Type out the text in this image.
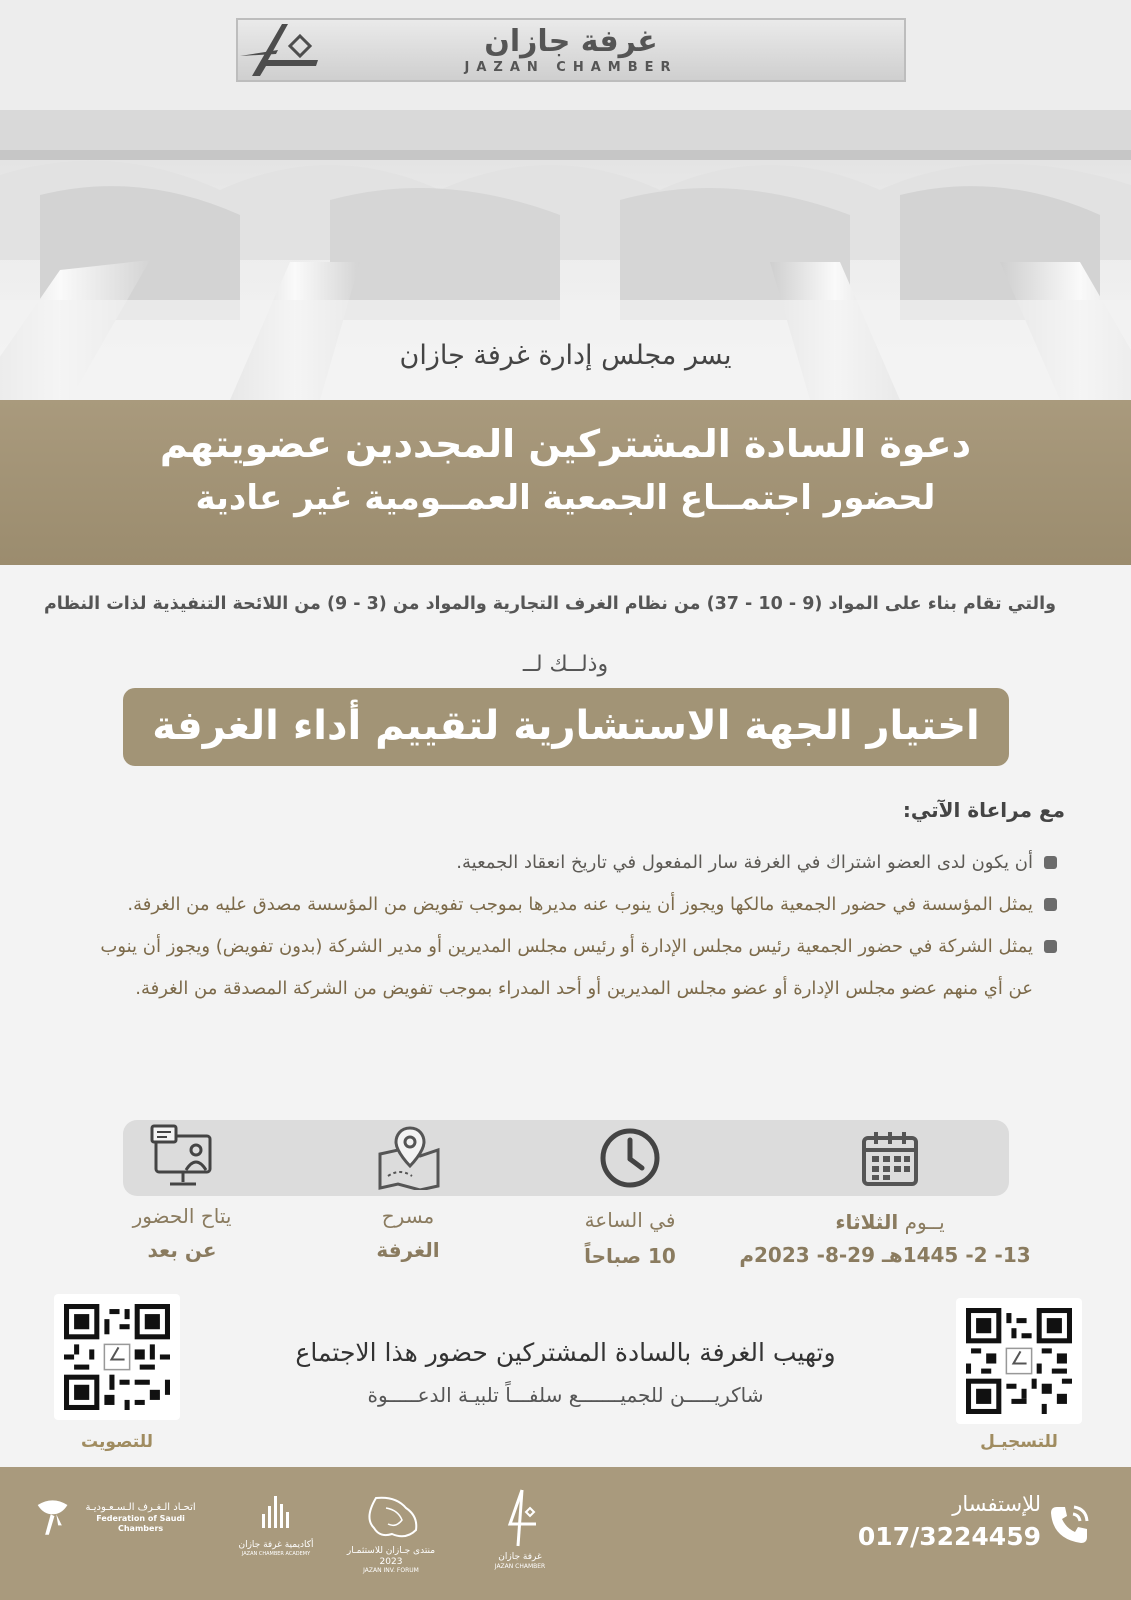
غرفة جازان
JAZAN CHAMBER
يسر مجلس إدارة غرفة جازان
دعوة السادة المشتركين المجددين عضويتهم
لحضور اجتمــاع الجمعية العمــومية غير عادية
والتي تقام بناء على المواد (9 - 10 - 37) من نظام الغرف التجارية والمواد من (3 - 9) من اللائحة التنفيذية لذات النظام
وذلــك لــ
اختيار الجهة الاستشارية لتقييم أداء الغرفة
مع مراعاة الآتي:
أن يكون لدى العضو اشتراك في الغرفة سار المفعول في تاريخ انعقاد الجمعية.
يمثل المؤسسة في حضور الجمعية مالكها ويجوز أن ينوب عنه مديرها بموجب تفويض من المؤسسة مصدق عليه من الغرفة.
يمثل الشركة في حضور الجمعية رئيس مجلس الإدارة أو رئيس مجلس المديرين أو مدير الشركة (بدون تفويض) ويجوز أن ينوب عن أي منهم عضو مجلس الإدارة أو عضو مجلس المديرين أو أحد المدراء بموجب تفويض من الشركة المصدقة من الغرفة.
يــوم الثلاثاء
13- 2- 1445هـ 29-8- 2023م
في الساعة
10 صباحاً
مسرح
الغرفة
يتاح الحضور
عن بعد
للتسجيـل
للتصويت
وتهيب الغرفة بالسادة المشتركين حضور هذا الاجتماع
شاكريـــــن للجميـــــــع سلفـــاً تلبيـة الدعـــــوة
للإستفسار
017/3224459
غرفة جازان
JAZAN CHAMBER
منتدى جـازان للاستثمـار 2023
JAZAN INV. FORUM
أكاديمية غرفة جازان
JAZAN CHAMBER ACADEMY
اتحـاد الـغـرف الـسـعـوديـة
Federation of Saudi Chambers
